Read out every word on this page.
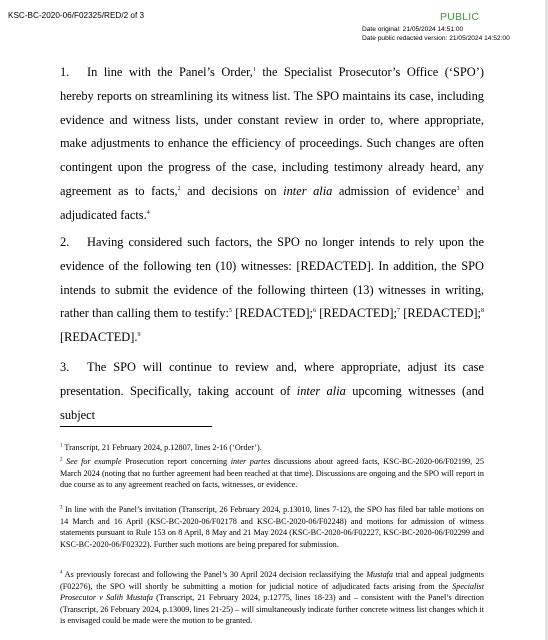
KSC-BC-2020-06/F02325/RED/2 of 3	PUBLIC
Date original: 21/05/2024 14:51:00
Date public redacted version: 21/05/2024 14:52:00
1. In line with the Panel’s Order,$^1$ the Specialist Prosecutor’s Office (‘SPO’) hereby reports on streamlining its witness list. The SPO maintains its case, including evidence and witness lists, under constant review in order to, where appropriate, make adjustments to enhance the efficiency of proceedings. Such changes are often contingent upon the progress of the case, including testimony already heard, any agreement as to facts,$^2$ and decisions on inter alia admission of evidence$^3$ and adjudicated facts.$^4$
2. Having considered such factors, the SPO no longer intends to rely upon the evidence of the following ten (10) witnesses: [REDACTED]. In addition, the SPO intends to submit the evidence of the following thirteen (13) witnesses in writing, rather than calling them to testify:$^5$ [REDACTED];$^6$ [REDACTED];$^7$ [REDACTED];$^8$ [REDACTED].$^9$
3. The SPO will continue to review and, where appropriate, adjust its case presentation. Specifically, taking account of inter alia upcoming witnesses (and subject
$^1$ Transcript, 21 February 2024, p.12807, lines 2-16 (‘Order’).
$^2$ See for example Prosecution report concerning inter partes discussions about agreed facts, KSC-BC-2020-06/F02199, 25 March 2024 (noting that no further agreement had been reached at that time). Discussions are ongoing and the SPO will report in due course as to any agreement reached on facts, witnesses, or evidence.
$^3$ In line with the Panel’s invitation (Transcript, 26 February 2024, p.13010, lines 7-12), the SPO has filed bar table motions on 14 March and 16 April (KSC-BC-2020-06/F02178 and KSC-BC-2020-06/F02248) and motions for admission of witness statements pursuant to Rule 153 on 8 April, 8 May and 21 May 2024 (KSC-BC-2020-06/F02227, KSC-BC-2020-06/F02299 and KSC-BC-2020-06/F02322). Further such motions are being prepared for submission.
$^4$ As previously forecast and following the Panel’s 30 April 2024 decision reclassifying the Mustafa trial and appeal judgments (F02276), the SPO will shortly be submitting a motion for judicial notice of adjudicated facts arising from the Specialist Prosecutor v Salih Mustafa (Transcript, 21 February 2024, p.12775, lines 18-23) and – consistent with the Panel’s direction (Transcript, 26 February 2024, p.13009, lines 21-25) – will simultaneously indicate further concrete witness list changes which it is envisaged could be made were the motion to be granted.
